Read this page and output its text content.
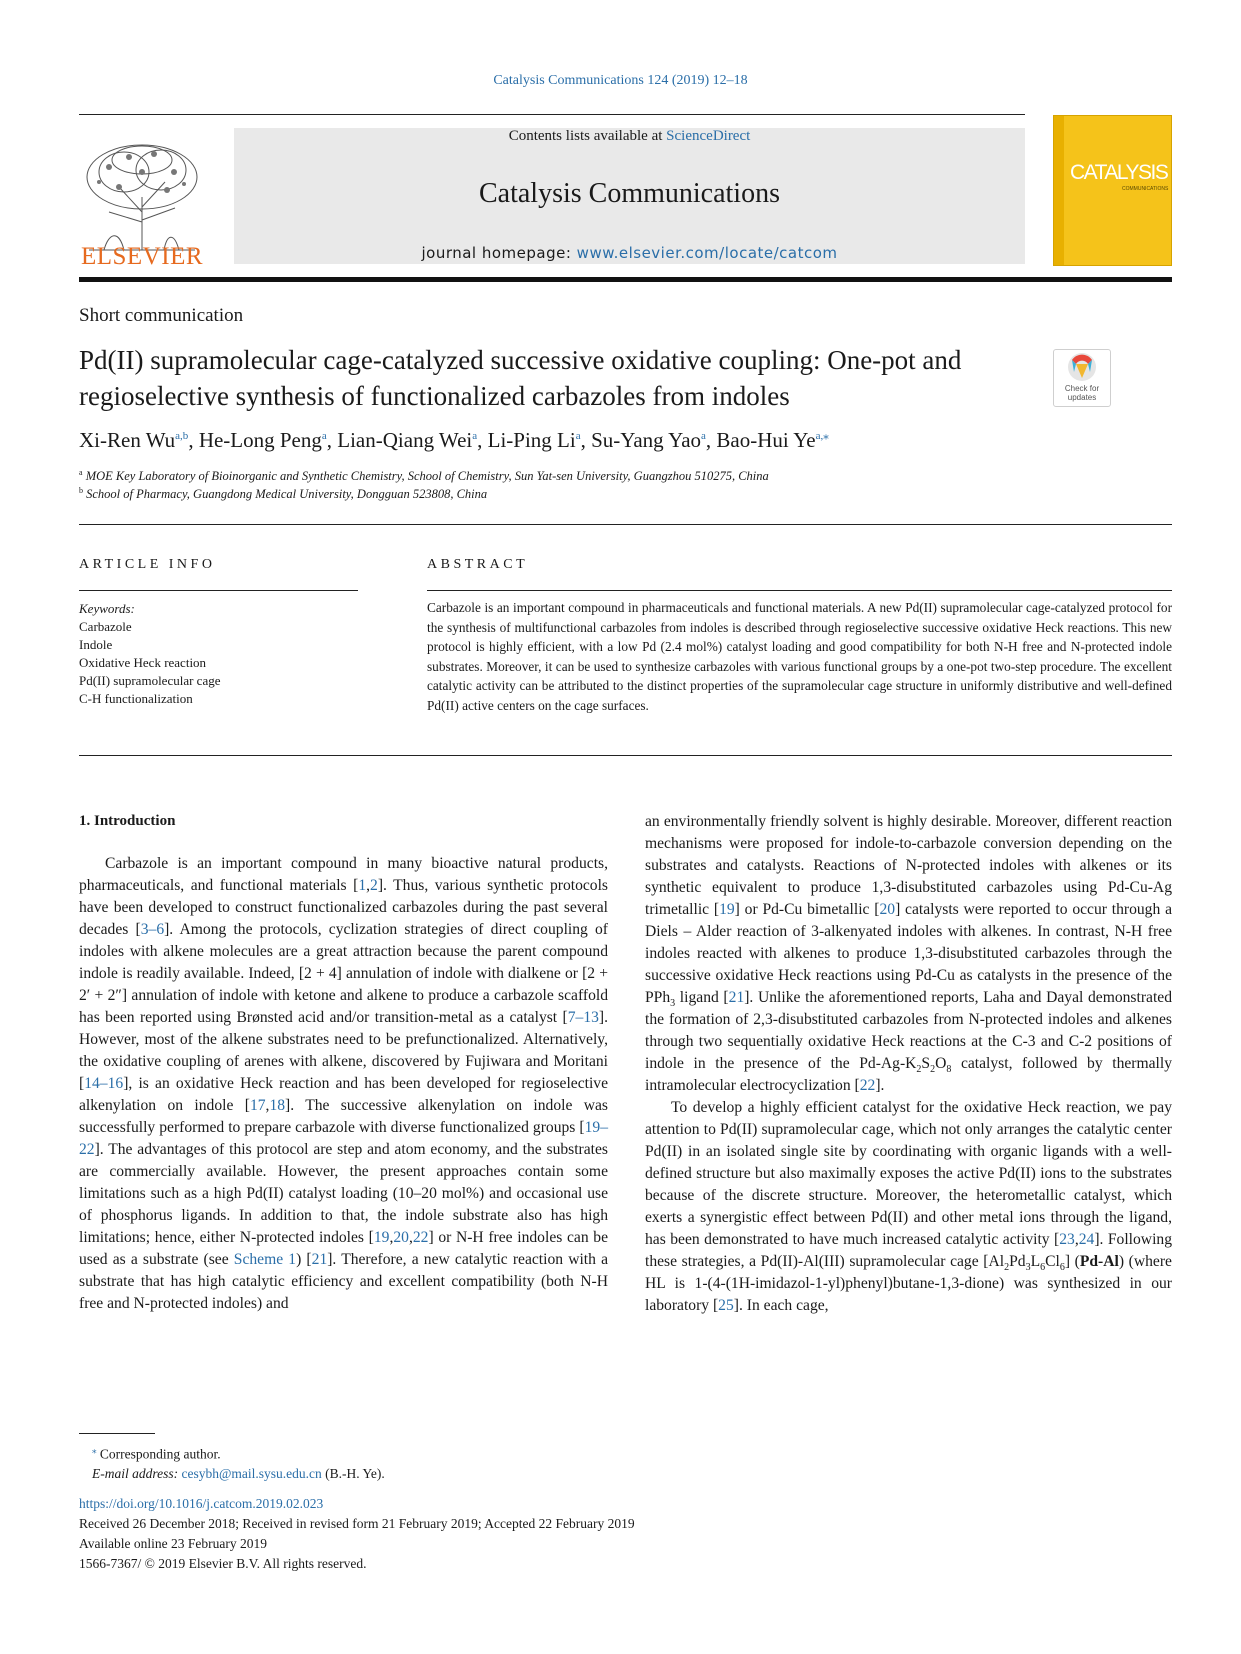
Catalysis Communications 124 (2019) 12–18
ELSEVIER
Contents lists available at ScienceDirect
Catalysis Communications
journal homepage: www.elsevier.com/locate/catcom
CATALYSIS
COMMUNICATIONS
Short communication
Pd(II) supramolecular cage-catalyzed successive oxidative coupling: One-pot and regioselective synthesis of functionalized carbazoles from indoles	Check for
updates
Xi-Ren Wu$^{a,b}$, He-Long Peng$^a$, Lian-Qiang Wei$^a$, Li-Ping Li$^a$, Su-Yang Yao$^a$, Bao-Hui $Ye^{a,⁎}$
$^a$ MOE Key Laboratory of Bioinorganic and Synthetic Chemistry, School of Chemistry, Sun Yat-sen University, Guangzhou 510275, China
$^b$ School of Pharmacy, Guangdong Medical University, Dongguan 523808, China
ARTICLE INFO	ABSTRACT
Keywords:
Carbazole
Indole
Oxidative Heck reaction
Pd(II) supramolecular cage
C-H functionalization
Carbazole is an important compound in pharmaceuticals and functional materials. A new Pd(II) supramolecular cage-catalyzed protocol for the synthesis of multifunctional carbazoles from indoles is described through regioselective successive oxidative Heck reactions. This new protocol is highly efficient, with a low Pd (2.4 mol%) catalyst loading and good compatibility for both N-H free and N-protected indole substrates. Moreover, it can be used to synthesize carbazoles with various functional groups by a one-pot two-step procedure. The excellent catalytic activity can be attributed to the distinct properties of the supramolecular cage structure in uniformly distributive and well-defined Pd(II) active centers on the cage surfaces.
1. Introduction

Carbazole is an important compound in many bioactive natural products, pharmaceuticals, and functional materials [1,2]. Thus, various synthetic protocols have been developed to construct functionalized carbazoles during the past several decades [3–6]. Among the protocols, cyclization strategies of direct coupling of indoles with alkene molecules are a great attraction because the parent compound indole is readily available. Indeed, [2 + 4] annulation of indole with dialkene or [2 + 2′ + 2″] annulation of indole with ketone and alkene to produce a carbazole scaffold has been reported using Brønsted acid and/or transition-metal as a catalyst [7–13]. However, most of the alkene substrates need to be prefunctionalized. Alternatively, the oxidative coupling of arenes with alkene, discovered by Fujiwara and Moritani [14–16], is an oxidative Heck reaction and has been developed for regioselective alkenylation on indole [17,18]. The successive alkenylation on indole was successfully performed to prepare carbazole with diverse functionalized groups [19–22]. The advantages of this protocol are step and atom economy, and the substrates are commercially available. However, the present approaches contain some limitations such as a high Pd(II) catalyst loading (10–20 mol%) and occasional use of phosphorus ligands. In addition to that, the indole substrate also has high limitations; hence, either N-protected indoles [19,20,22] or N-H free indoles can be used as a substrate (see Scheme 1) [21]. Therefore, a new catalytic reaction with a substrate that has high catalytic efficiency and excellent compatibility (both N-H free and N-protected indoles) and

an environmentally friendly solvent is highly desirable. Moreover, different reaction mechanisms were proposed for indole-to-carbazole conversion depending on the substrates and catalysts. Reactions of N-protected indoles with alkenes or its synthetic equivalent to produce 1,3-disubstituted carbazoles using Pd-Cu-Ag trimetallic [19] or Pd-Cu bimetallic [20] catalysts were reported to occur through a Diels – Alder reaction of 3-alkenyated indoles with alkenes. In contrast, N-H free indoles reacted with alkenes to produce 1,3-disubstituted carbazoles through the successive oxidative Heck reactions using Pd-Cu as catalysts in the presence of the PPh$_3$ ligand [21]. Unlike the aforementioned reports, Laha and Dayal demonstrated the formation of 2,3-disubstituted carbazoles from N-protected indoles and alkenes through two sequentially oxidative Heck reactions at the C-3 and C-2 positions of indole in the presence of the $Pd-Ag-K_2S_2O_8$ catalyst, followed by thermally intramolecular electrocyclization [22].

To develop a highly efficient catalyst for the oxidative Heck reaction, we pay attention to Pd(II) supramolecular cage, which not only arranges the catalytic center Pd(II) in an isolated single site by coordinating with organic ligands with a well-defined structure but also maximally exposes the active Pd(II) ions to the substrates because of the discrete structure. Moreover, the heterometallic catalyst, which exerts a synergistic effect between Pd(II) and other metal ions through the ligand, has been demonstrated to have much increased catalytic activity [23,24]. Following these strategies, a Pd(II)-Al(III) supramolecular cage $[Al_2Pd_3L_6Cl_6]$ (Pd-Al) (where HL is 1-(4-(1H-imidazol-1-yl)phenyl)butane-1,3-dione) was synthesized in our laboratory [25]. In each cage,

⁎ Corresponding author.
E-mail address: cesybh@mail.sysu.edu.cn (B.-H. Ye).
https://doi.org/10.1016/j.catcom.2019.02.023
Received 26 December 2018; Received in revised form 21 February 2019; Accepted 22 February 2019
Available online 23 February 2019
1566-7367/ © 2019 Elsevier B.V. All rights reserved.
